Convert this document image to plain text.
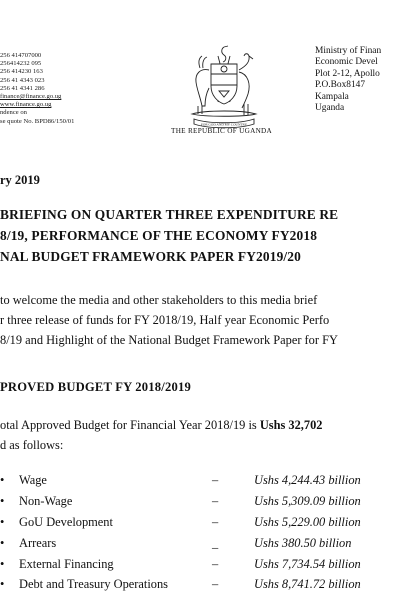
256 414707000
256414232 095
256 414230 163
256 41 4343 023
256 41 4341 286
finance@finance.go.ug
www.finance.go.ug
ndence on
se quote No. BPD86/150/01	FOR GOD AND MY COUNTRY
THE REPUBLIC OF UGANDA
Ministry of Finan
Economic Devel
Plot 2-12, Apollo
P.O.Box8147
Kampala
Uganda
ry 2019
BRIEFING ON QUARTER THREE EXPENDITURE RE
8/19, PERFORMANCE OF THE ECONOMY FY2018
NAL BUDGET FRAMEWORK PAPER FY2019/20
to welcome the media and other stakeholders to this media brief
r three release of funds for FY 2018/19, Half year Economic Perfo
8/19 and Highlight of the National Budget Framework Paper for FY
PROVED BUDGET FY 2018/2019
otal Approved Budget for Financial Year 2018/19 is Ushs 32,702
d as follows:
• Wage	–	Ushs 4,244.43 billion
• Non-Wage	–	Ushs 5,309.09 billion
• GoU Development	–	Ushs 5,229.00 billion
• Arrears	_	Ushs 380.50 billion
• External Financing	–	Ushs 7,734.54 billion
• Debt and Treasury Operations	–	Ushs 8,741.72 billion
